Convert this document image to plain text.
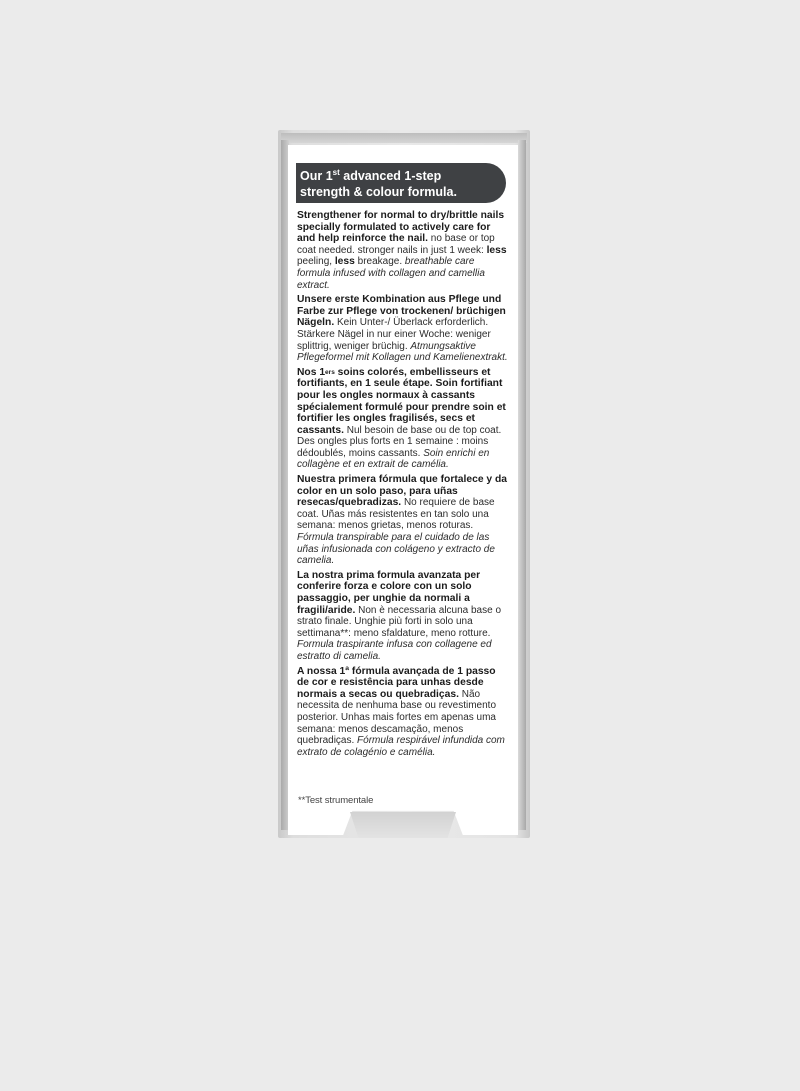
Our 1st advanced 1-step
strength & colour formula.

Strengthener for normal to dry/brittle nails specially formulated to actively care for and help reinforce the nail. no base or top coat needed. stronger nails in just 1 week: less peeling, less breakage. breathable care formula infused with collagen and camellia extract.

Unsere erste Kombination aus Pflege und Farbe zur Pflege von trockenen/ brüchigen Nägeln. Kein Unter-/ Überlack erforderlich. Stärkere Nägel in nur einer Woche: weniger splittrig, weniger brüchig. Atmungsaktive Pflegeformel mit Kollagen und Kamelienextrakt.

Nos 1ers soins colorés, embellisseurs et fortifiants, en 1 seule étape. Soin fortifiant pour les ongles normaux à cassants spécialement formulé pour prendre soin et fortifier les ongles fragilisés, secs et cassants. Nul besoin de base ou de top coat. Des ongles plus forts en 1 semaine : moins dédoublés, moins cassants. Soin enrichi en collagène et en extrait de camélia.

Nuestra primera fórmula que fortalece y da color en un solo paso, para uñas resecas/quebradizas. No requiere de base coat. Uñas más resistentes en tan solo una semana: menos grietas, menos roturas. Fórmula transpirable para el cuidado de las uñas infusionada con colágeno y extracto de camelia.

La nostra prima formula avanzata per conferire forza e colore con un solo passaggio, per unghie da normali a fragili/aride. Non è necessaria alcuna base o strato finale. Unghie più forti in solo una settimana**: meno sfaldature, meno rotture. Formula traspirante infusa con collagene ed estratto di camelia.

A nossa 1ª fórmula avançada de 1 passo de cor e resistência para unhas desde normais a secas ou quebradiças. Não necessita de nenhuma base ou revestimento posterior. Unhas mais fortes em apenas uma semana: menos descamação, menos quebradiças. Fórmula respirável infundida com extrato de colagénio e camélia.

**Test strumentale
